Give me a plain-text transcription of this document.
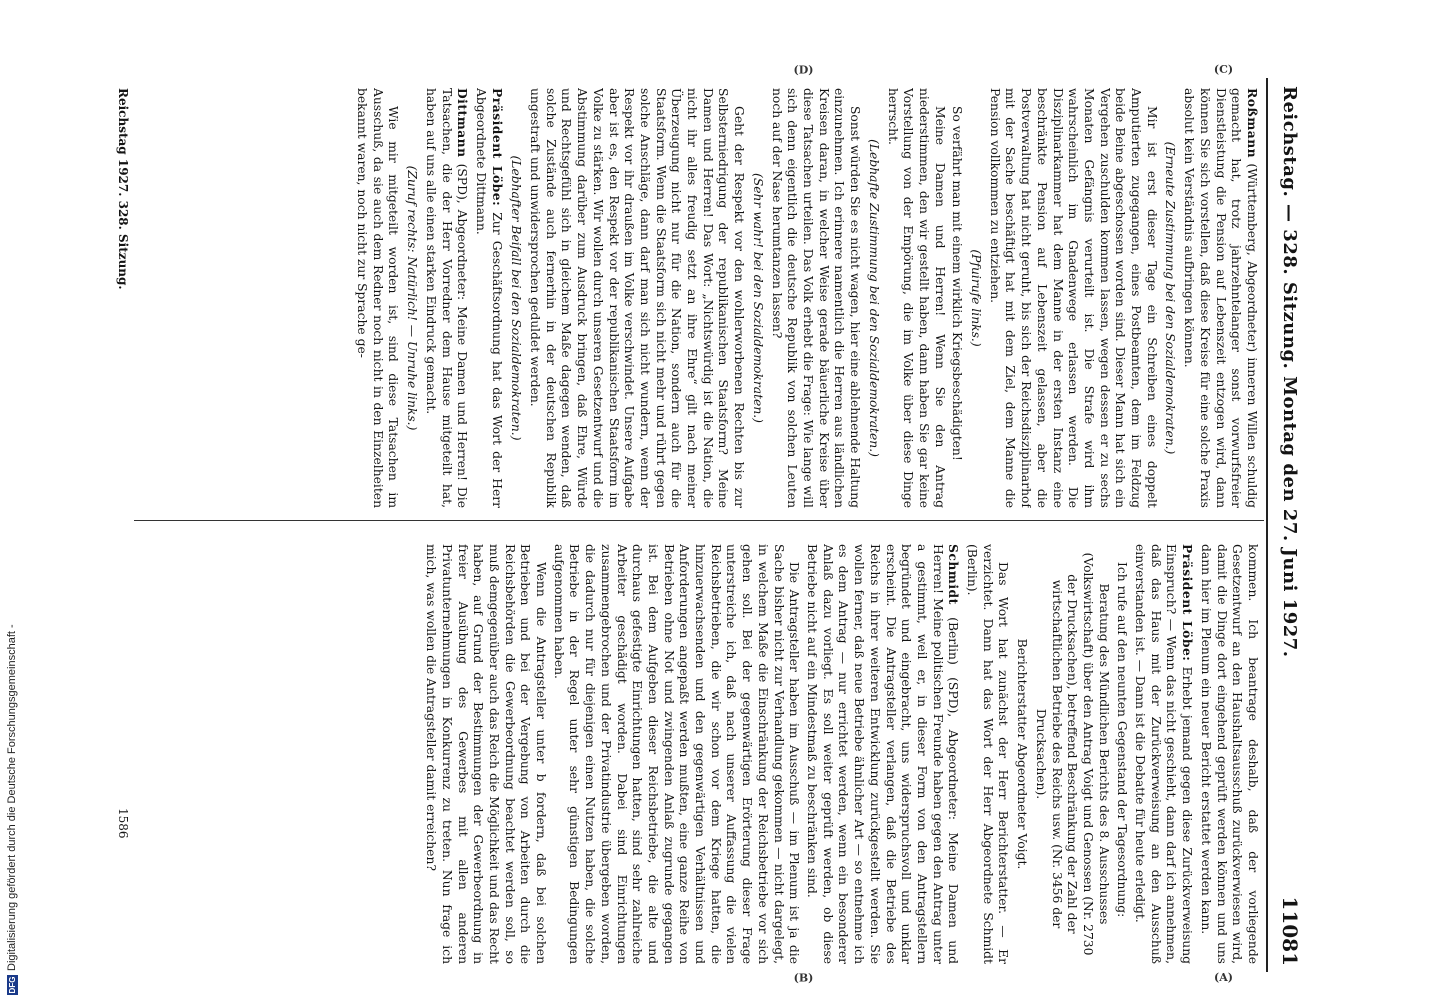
Reichstag. — 328. Sitzung. Montag den 27. Juni 1927.
11081

Roßmann (Württemberg, Abgeordneter) inneren Willen schuldig gemacht hat, trotz jahrzehntelanger sonst vorwurfsfreier Dienstleistung die Pension auf Lebenszeit entzogen wird, dann können Sie sich vorstellen, daß diese Kreise für eine solche Praxis absolut kein Verständnis aufbringen können.

(Erneute Zustimmung bei den Sozialdemokraten.)

Mir ist erst dieser Tage ein Schreiben eines doppelt Amputierten zugegangen, eines Postbeamten, dem im Feldzug beide Beine abgeschossen worden sind. Dieser Mann hat sich ein Vergehen zuschulden kommen lassen, wegen dessen er zu sechs Monaten Gefängnis verurteilt ist. Die Strafe wird ihm wahrscheinlich im Gnadenwege erlassen werden. Die Disziplinarkammer hat dem Manne in der ersten Instanz eine beschränkte Pension auf Lebenszeit gelassen, aber die Postverwaltung hat nicht geruht, bis sich der Reichsdisziplinarhof mit der Sache beschäftigt hat mit dem Ziel, dem Manne die Pension vollkommen zu entziehen.

(Pfuirufe links.)

So verfährt man mit einem wirklich Kriegsbeschädigten!

Meine Damen und Herren! Wenn Sie den Antrag niederstimmen, den wir gestellt haben, dann haben Sie gar keine Vorstellung von der Empörung, die im Volke über diese Dinge herrscht.

(Lebhafte Zustimmung bei den Sozialdemokraten.)

Sonst würden Sie es nicht wagen, hier eine ablehnende Haltung einzunehmen. Ich erinnere namentlich die Herren aus ländlichen Kreisen daran, in welcher Weise gerade bäuerliche Kreise über diese Tatsachen urteilen. Das Volk erhebt die Frage: Wie lange will sich denn eigentlich die deutsche Republik von solchen Leuten noch auf der Nase herumtanzen lassen?

(Sehr wahr! bei den Sozialdemokraten.)

Geht der Respekt vor den wohlerworbenen Rechten bis zur Selbsterniedrigung der republikanischen Staatsform? Meine Damen und Herren! Das Wort: „Nichtswürdig ist die Nation, die nicht ihr alles freudig setzt an ihre Ehre“ gilt nach meiner Überzeugung nicht nur für die Nation, sondern auch für die Staatsform. Wenn die Staatsform sich nicht mehr und rührt gegen solche Anschläge, dann darf man sich nicht wundern, wenn der Respekt vor ihr draußen im Volke verschwindet. Unsere Aufgabe aber ist es, den Respekt vor der republikanischen Staatsform im Volke zu stärken. Wir wollen durch unseren Gesetzentwurf und die Abstimmung darüber zum Ausdruck bringen, daß Ehre, Würde und Rechtsgefühl sich in gleichem Maße dagegen wenden, daß solche Zustände auch fernerhin in der deutschen Republik ungestraft und unwidersprochen geduldet werden.

(Lebhafter Beifall bei den Sozialdemokraten.)

Präsident Löbe: Zur Geschäftsordnung hat das Wort der Herr Abgeordnete Dittmann.

Dittmann (SPD), Abgeordneter: Meine Damen und Herren! Die Tatsachen, die der Herr Vorredner dem Hause mitgeteilt hat, haben auf uns alle einen starken Eindruck gemacht.

(Zuruf rechts: Natürlich! — Unruhe links.)

Wie mir mitgeteilt worden ist, sind diese Tatsachen im Ausschuß, da sie auch dem Redner noch nicht in den Einzelheiten bekannt waren, noch nicht zur Sprache ge-

kommen. Ich beantrage deshalb, daß der vorliegende Gesetzentwurf an den Haushaltsausschuß zurückverwiesen wird, damit die Dinge dort eingehend geprüft werden können und uns dann hier im Plenum ein neuer Bericht erstattet werden kann.

Präsident Löbe: Erhebt jemand gegen diese Zurückverweisung Einspruch? — Wenn das nicht geschieht, dann darf ich annehmen, daß das Haus mit der Zurückverweisung an den Ausschuß einverstanden ist. — Dann ist die Debatte für heute erledigt.

Ich rufe auf den neunten Gegenstand der Tagesordnung:

Beratung des Mündlichen Berichts des 8. Ausschusses (Volkswirtschaft) über den Antrag Voigt und Genossen (Nr. 2730 der Drucksachen), betreffend Beschränkung der Zahl der wirtschaftlichen Betriebe des Reichs usw. (Nr. 3456 der Drucksachen).

Berichterstatter Abgeordneter Voigt.

Das Wort hat zunächst der Herr Berichterstatter. — Er verzichtet. Dann hat das Wort der Herr Abgeordnete Schmidt (Berlin).

Schmidt (Berlin) (SPD), Abgeordneter: Meine Damen und Herren! Meine politischen Freunde haben gegen den Antrag unter a gestimmt, weil er, in dieser Form von den Antragstellern begründet und eingebracht, uns widerspruchsvoll und unklar erscheint. Die Antragsteller verlangen, daß die Betriebe des Reichs in ihrer weiteren Entwicklung zurückgestellt werden. Sie wollen ferner, daß neue Betriebe ähnlicher Art — so entnehme ich es dem Antrag — nur errichtet werden, wenn ein besonderer Anlaß dazu vorliegt. Es soll weiter geprüft werden, ob diese Betriebe nicht auf ein Mindestmaß zu beschränken sind.

Die Antragsteller haben im Ausschuß — im Plenum ist ja die Sache bisher nicht zur Verhandlung gekommen — nicht dargelegt, in welchem Maße die Einschränkung der Reichsbetriebe vor sich gehen soll. Bei der gegenwärtigen Erörterung dieser Frage unterstreiche ich, daß nach unserer Auffassung die vielen Reichsbetrieben, die wir schon vor dem Kriege hatten, die hinzuerwachsenden und den gegenwärtigen Verhältnissen und Anforderungen angepaßt werden mußten, eine ganze Reihe von Betrieben ohne Not und zwingenden Anlaß zugrunde gegangen ist. Bei dem Aufgeben dieser Reichsbetriebe, die alte und durchaus gefestigte Einrichtungen hatten, sind sehr zahlreiche Arbeiter geschädigt worden. Dabei sind Einrichtungen zusammengebrochen und der Privatindustrie übergeben worden, die dadurch nur für diejenigen einen Nutzen haben, die solche Betriebe in der Regel unter sehr günstigen Bedingungen aufgenommen haben.

Wenn die Antragsteller unter b fordern, daß bei solchen Betrieben und bei der Vergebung von Arbeiten durch die Reichsbehörden die Gewerbeordnung beachtet werden soll, so muß demgegenüber auch das Reich die Möglichkeit und das Recht haben, auf Grund der Bestimmungen der Gewerbeordnung in freier Ausübung des Gewerbes mit allen anderen Privatunternehmungen in Konkurrenz zu treten. Nun frage ich mich, was wollen die Antragsteller damit erreichen?

(C)
(D)
(A)
(B)
Reichstag 1927. 328. Sitzung.
1586
DFG
Digitalisierung gefördert durch die Deutsche Forschungsgemeinschaft -
